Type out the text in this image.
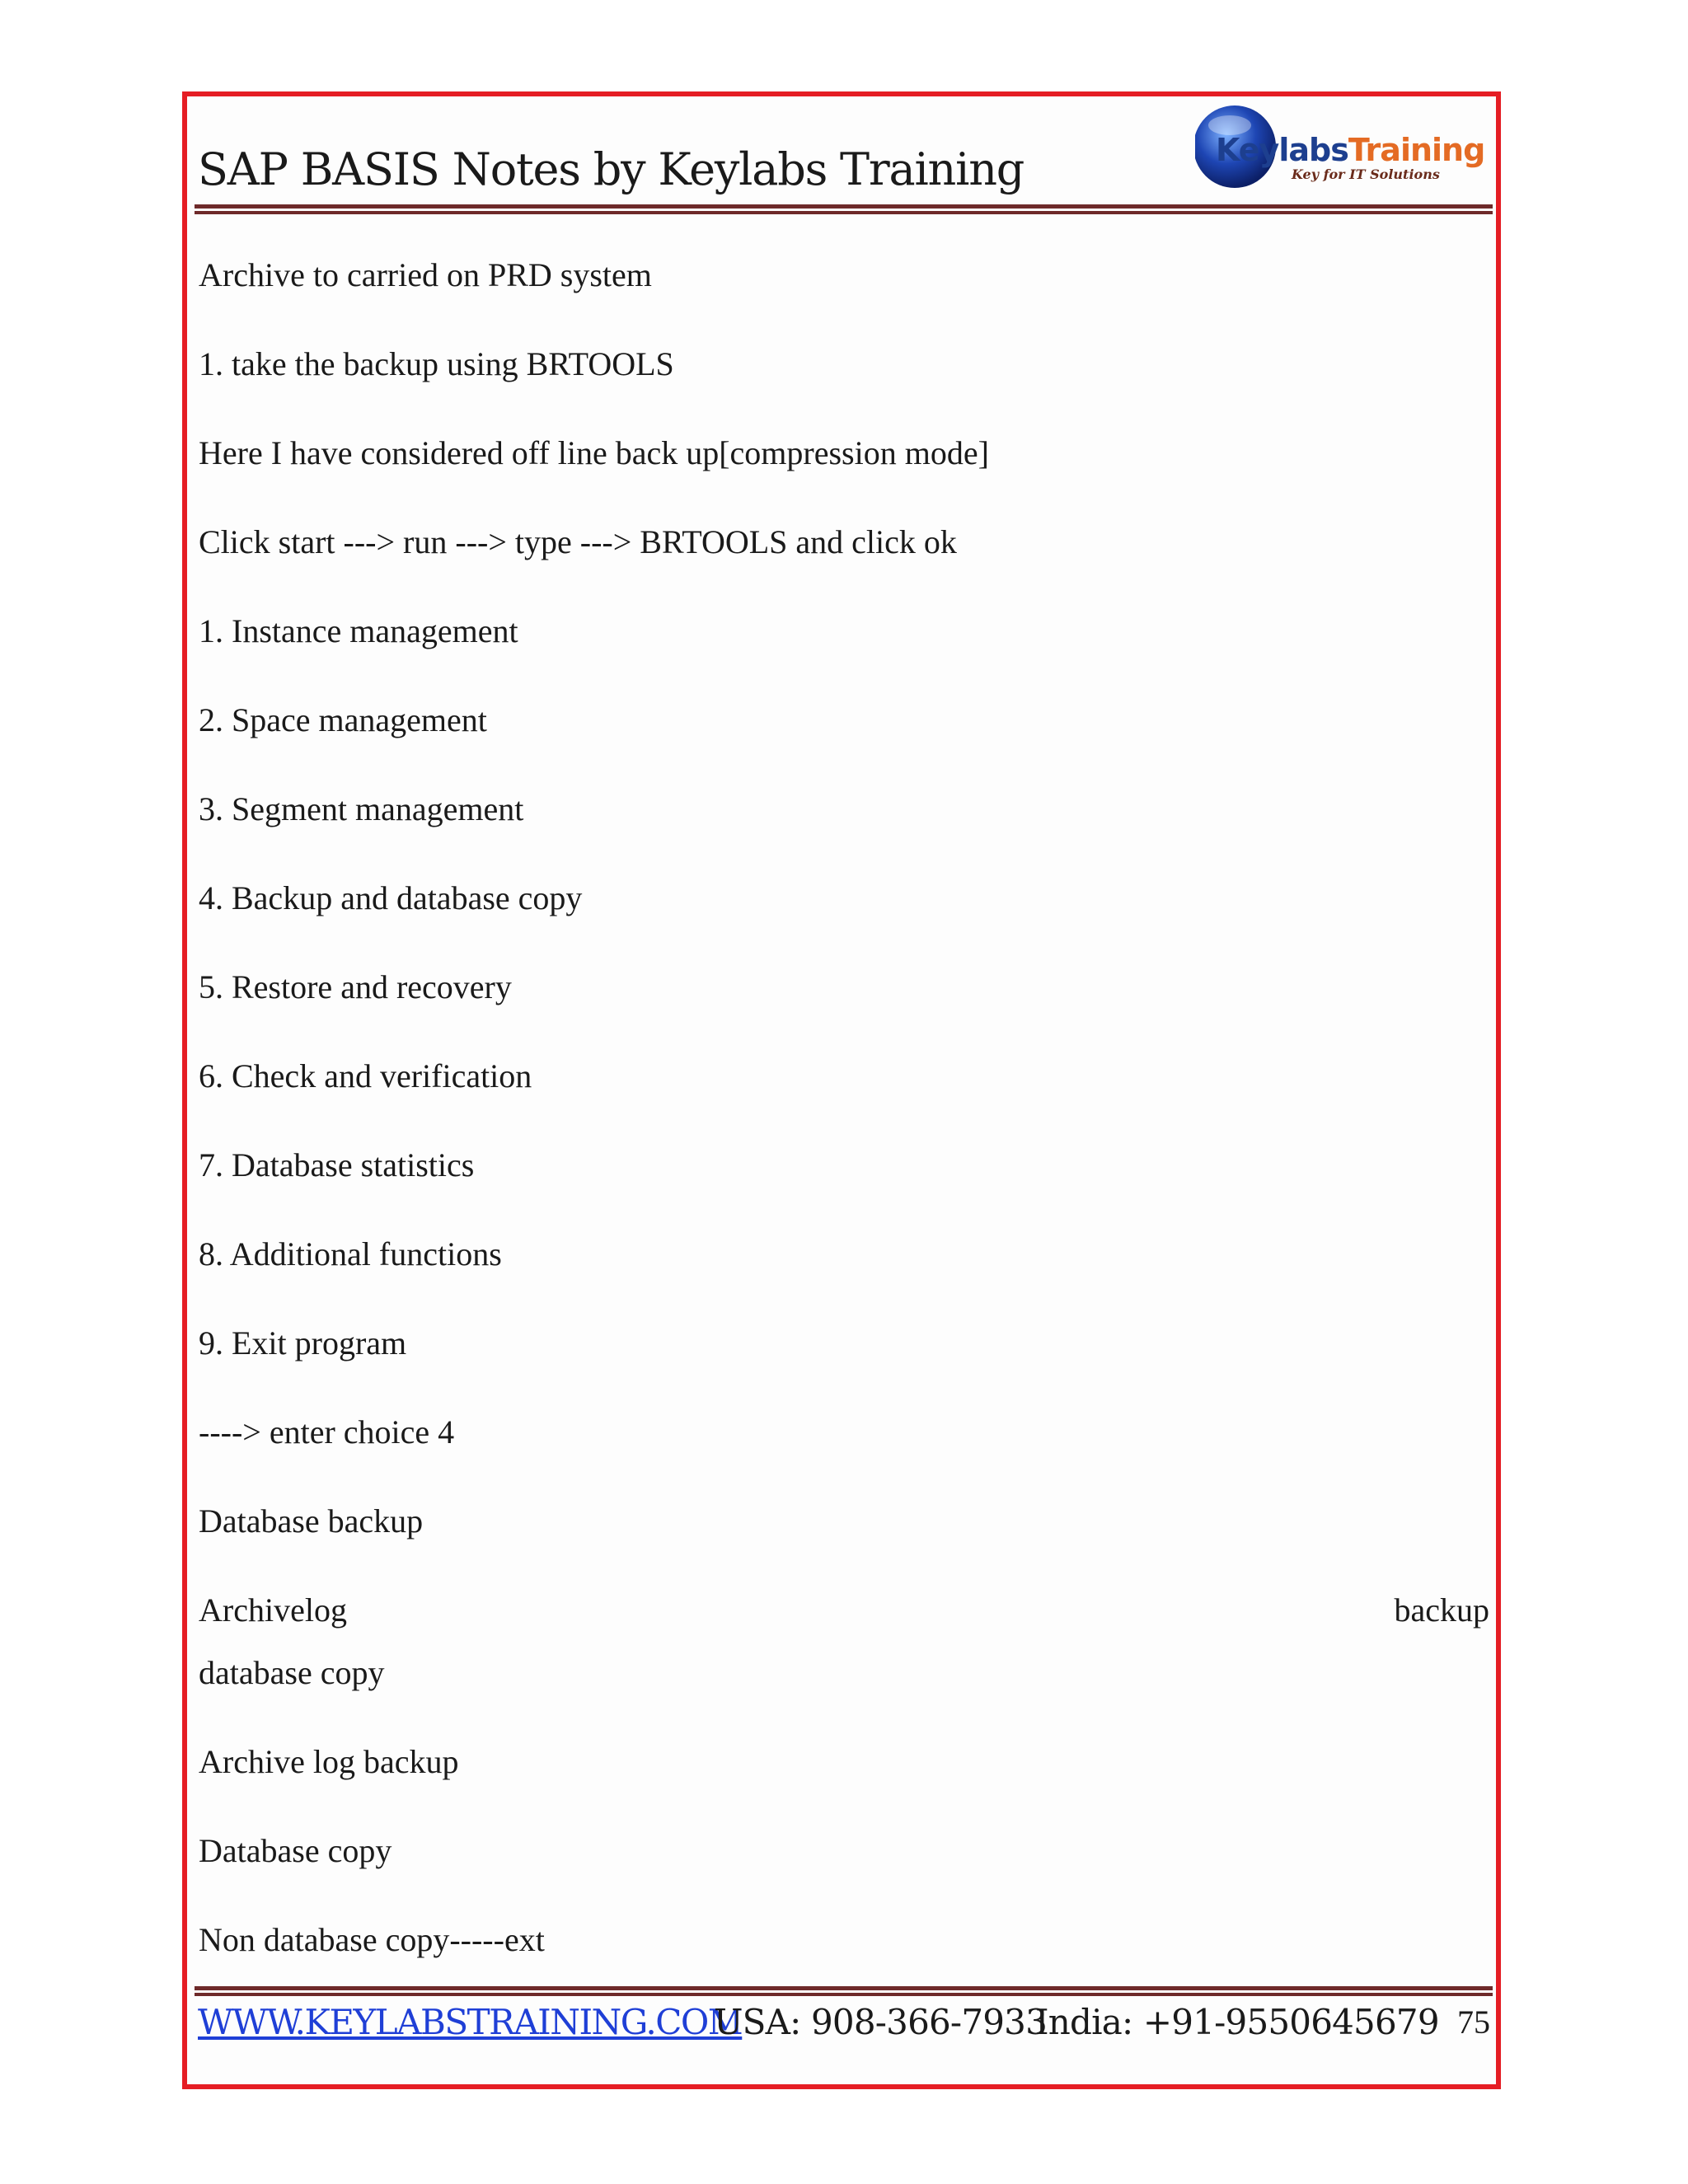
SAP BASIS Notes by Keylabs Training	KeylabsTraining
Key for IT Solutions
Archive to carried on PRD system
1. take the backup using BRTOOLS
Here I have considered off line back up[compression mode]
Click start ---> run ---> type ---> BRTOOLS and click ok
1. Instance management
2. Space management
3. Segment management
4. Backup and database copy
5. Restore and recovery
6. Check and verification
7. Database statistics
8. Additional functions
9. Exit program
----> enter choice 4
Database backup
Archivelog	backup
database copy
Archive log backup
Database copy
Non database copy-----ext
WWW.KEYLABSTRAINING.COM
USA: 908-366-7933
India: +91-9550645679 75
